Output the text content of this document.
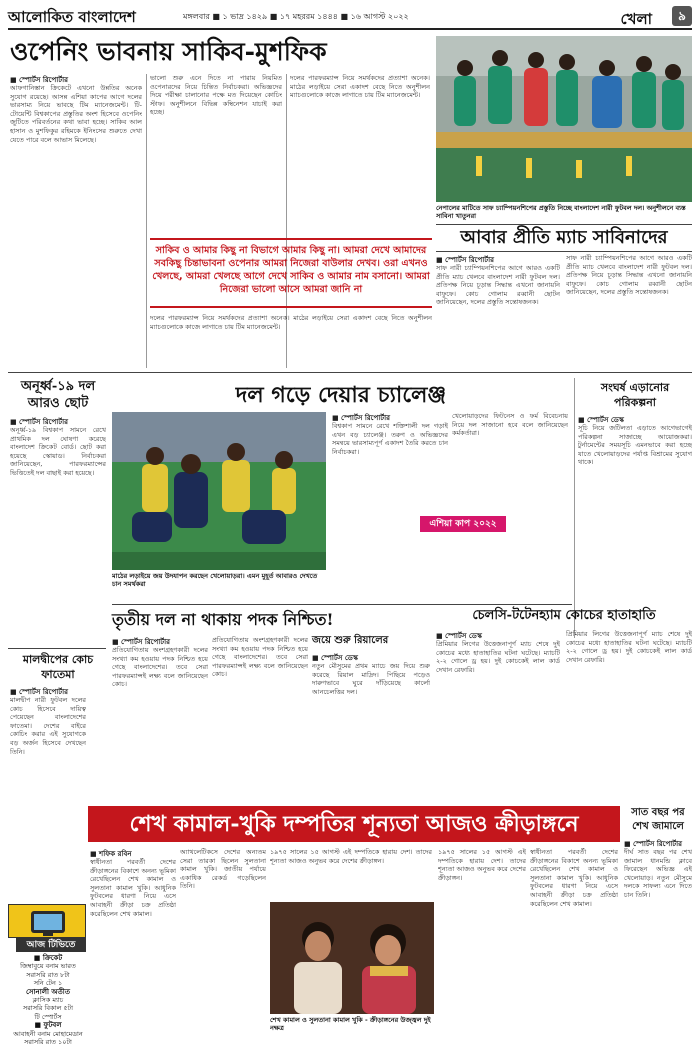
আলোকিত বাংলাদেশ	মঙ্গলবার ■ ১ ভাদ্র ১৪২৯ ■ ১৭ মহররম ১৪৪৪ ■ ১৬ আগস্ট ২০২২	খেলা	৯
ওপেনিং ভাবনায় সাকিব-মুশফিক
■ স্পোর্টস রিপোর্টার
আফগানিস্তান ক্রিকেটে এখনো উন্নতির অনেক সুযোগ রয়েছে। আসন্ন এশিয়া কাপের আগে দলের ভারসাম্য নিয়ে ভাবছে টিম ম্যানেজমেন্ট। টি-টোয়েন্টি বিশ্বকাপের প্রস্তুতির অংশ হিসেবে ওপেনিং জুটিতে পরিবর্তনের কথা ভাবা হচ্ছে। সাকিব আল হাসান ও মুশফিকুর রহিমকে ইনিংসের শুরুতে দেখা যেতে পারে বলে আভাস মিলেছে।
ভালো শুরু এনে দিতে না পারায় নিয়মিত ওপেনারদের নিয়ে চিন্তিত নির্বাচকরা। অভিজ্ঞদের দিয়ে পরীক্ষা চালানোর পক্ষে মত দিয়েছেন কোচিং স্টাফ। অনুশীলনে বিভিন্ন কম্বিনেশন যাচাই করা হচ্ছে।
দলের পারফরম্যান্স নিয়ে সমর্থকদের প্রত্যাশা অনেক। মাঠের লড়াইয়ে সেরা একাদশ বেছে নিতে অনুশীলন ম্যাচগুলোকে কাজে লাগাতে চায় টিম ম্যানেজমেন্ট।
সাকিব ও আমার কিছু না বিভাগে আমার কিছু না। আমরা দেখে আমাদের সবকিছু চিন্তাভাবনা ওপেনার আমরা নিজেরা বাউলার দেখব। ওরা এখনও খেলছে, আমরা খেলছে আগে দেখে সাকিব ও আমার নাম বসানো। আমরা নিজেরা ভালো আসে আমরা জানি না
দলের পারফরম্যান্স নিয়ে সমর্থকদের প্রত্যাশা অনেক। মাঠের লড়াইয়ে সেরা একাদশ বেছে নিতে অনুশীলন ম্যাচগুলোকে কাজে লাগাতে চায় টিম ম্যানেজমেন্ট।
নেপালের মাটিতে সাফ চ্যাম্পিয়নশিপের প্রস্তুতি নিচ্ছে বাংলাদেশ নারী ফুটবল দল। অনুশীলনে ব্যস্ত সাবিনা খাতুনরা
আবার প্রীতি ম্যাচ সাবিনাদের
■ স্পোর্টস রিপোর্টার
সাফ নারী চ্যাম্পিয়নশিপের আগে আরও একটি প্রীতি ম্যাচ খেলবে বাংলাদেশ নারী ফুটবল দল। প্রতিপক্ষ নিয়ে চূড়ান্ত সিদ্ধান্ত এখনো জানায়নি বাফুফে। কোচ গোলাম রব্বানী ছোটন জানিয়েছেন, দলের প্রস্তুতি সন্তোষজনক।
সাফ নারী চ্যাম্পিয়নশিপের আগে আরও একটি প্রীতি ম্যাচ খেলবে বাংলাদেশ নারী ফুটবল দল। প্রতিপক্ষ নিয়ে চূড়ান্ত সিদ্ধান্ত এখনো জানায়নি বাফুফে। কোচ গোলাম রব্বানী ছোটন জানিয়েছেন, দলের প্রস্তুতি সন্তোষজনক।
অনূর্ধ্ব-১৯ দল আরও ছোট
■ স্পোর্টস রিপোর্টার
অনূর্ধ্ব-১৯ বিশ্বকাপ সামনে রেখে প্রাথমিক দল ঘোষণা করেছে বাংলাদেশ ক্রিকেট বোর্ড। ছোট করা হয়েছে স্কোয়াড। নির্বাচকরা জানিয়েছেন, পারফরম্যান্সের ভিত্তিতেই দল বাছাই করা হয়েছে।
দল গড়ে দেয়ার চ্যালেঞ্জ
মাঠের লড়াইয়ে জয় উদযাপন করছেন খেলোয়াড়রা। এমন মুহূর্ত আবারও দেখতে চান সমর্থকরা
■ স্পোর্টস রিপোর্টার
বিশ্বকাপ সামনে রেখে শক্তিশালী দল গড়াই এখন বড় চ্যালেঞ্জ। তরুণ ও অভিজ্ঞদের সমন্বয়ে ভারসাম্যপূর্ণ একাদশ তৈরি করতে চান নির্বাচকরা।
খেলোয়াড়দের ফিটনেস ও ফর্ম বিবেচনায় নিয়ে দল সাজানো হবে বলে জানিয়েছেন কর্মকর্তারা।
এশিয়া কাপ ২০২২
সংঘর্ষ এড়ানোর পরিকল্পনা
■ স্পোর্টস ডেস্ক
সূচি নিয়ে জটিলতা এড়াতে আগেভাগেই পরিকল্পনা সাজাচ্ছে আয়োজকরা। টুর্নামেন্টের সময়সূচি এমনভাবে করা হচ্ছে যাতে খেলোয়াড়দের পর্যাপ্ত বিশ্রামের সুযোগ থাকে।
তৃতীয় দল না থাকায় পদক নিশ্চিত!
■ স্পোর্টস রিপোর্টার
প্রতিযোগিতায় অংশগ্রহণকারী দলের সংখ্যা কম হওয়ায় পদক নিশ্চিত হয়ে গেছে বাংলাদেশের। তবে সেরা পারফরম্যান্সই লক্ষ্য বলে জানিয়েছেন কোচ।
প্রতিযোগিতায় অংশগ্রহণকারী দলের সংখ্যা কম হওয়ায় পদক নিশ্চিত হয়ে গেছে বাংলাদেশের। তবে সেরা পারফরম্যান্সই লক্ষ্য বলে জানিয়েছেন কোচ।
জয়ে শুরু রিয়ালের
■ স্পোর্টস ডেস্ক
নতুন মৌসুমের প্রথম ম্যাচে জয় দিয়ে শুরু করেছে রিয়াল মাদ্রিদ। পিছিয়ে পড়েও দারুণভাবে ঘুরে দাঁড়িয়েছে কার্লো আনচেলত্তির দল।
চেলসি-টটেনহ্যাম কোচের হাতাহাতি
■ স্পোর্টস ডেস্ক
প্রিমিয়ার লিগের উত্তেজনাপূর্ণ ম্যাচ শেষে দুই কোচের মধ্যে হাতাহাতির ঘটনা ঘটেছে। ম্যাচটি ২-২ গোলে ড্র হয়। দুই কোচকেই লাল কার্ড দেখান রেফারি।
প্রিমিয়ার লিগের উত্তেজনাপূর্ণ ম্যাচ শেষে দুই কোচের মধ্যে হাতাহাতির ঘটনা ঘটেছে। ম্যাচটি ২-২ গোলে ড্র হয়। দুই কোচকেই লাল কার্ড দেখান রেফারি।
মালদ্বীপের কোচ ফাতেমা
■ স্পোর্টস রিপোর্টার
মালদ্বীপ নারী ফুটবল দলের কোচ হিসেবে দায়িত্ব পেয়েছেন বাংলাদেশের ফাতেমা। দেশের বাইরে কোচিং করার এই সুযোগকে বড় অর্জন হিসেবে দেখছেন তিনি।
শেখ কামাল-খুকি দম্পতির শূন্যতা আজও ক্রীড়াঙ্গনে	সাত বছর পর শেখ জামালে
■ স্পোর্টস রিপোর্টার
দীর্ঘ সাত বছর পর শেখ জামাল ধানমন্ডি ক্লাবে ফিরেছেন অভিজ্ঞ এই খেলোয়াড়। নতুন মৌসুমে দলকে সাফল্য এনে দিতে চান তিনি।
■ শফিক রবিন
স্বাধীনতা পরবর্তী দেশের ক্রীড়াঙ্গনের বিকাশে অনন্য ভূমিকা রেখেছিলেন শেখ কামাল ও সুলতানা কামাল খুকি। আধুনিক ফুটবলের ধারণা নিয়ে এসে আবাহনী ক্রীড়া চক্র প্রতিষ্ঠা করেছিলেন শেখ কামাল।
অ্যাথলেটিকসে দেশের অন্যতম সেরা তারকা ছিলেন সুলতানা কামাল খুকি। জাতীয় পর্যায়ে একাধিক রেকর্ড গড়েছিলেন তিনি।
১৯৭৫ সালের ১৫ আগস্ট এই দম্পতিকে হারায় দেশ। তাদের শূন্যতা আজও অনুভব করে দেশের ক্রীড়াঙ্গন।
শেখ কামাল ও সুলতানা কামাল খুকি - ক্রীড়াঙ্গনের উজ্জ্বল দুই নক্ষত্র
১৯৭৫ সালের ১৫ আগস্ট এই দম্পতিকে হারায় দেশ। তাদের শূন্যতা আজও অনুভব করে দেশের ক্রীড়াঙ্গন।
স্বাধীনতা পরবর্তী দেশের ক্রীড়াঙ্গনের বিকাশে অনন্য ভূমিকা রেখেছিলেন শেখ কামাল ও সুলতানা কামাল খুকি। আধুনিক ফুটবলের ধারণা নিয়ে এসে আবাহনী ক্রীড়া চক্র প্রতিষ্ঠা করেছিলেন শেখ কামাল।
আজ টিভিতে
■ ক্রিকেট
জিম্বাবুয়ে বনাম ভারত
সরাসরি রাত ৮টা
সনি টেন ১
সোনালী অতীত
ক্লাসিক ম্যাচ
সরাসরি বিকাল ৫টা
টি স্পোর্টস
■ ফুটবল
আবাহনী বনাম মোহামেডান
সরাসরি রাত ১০টা
